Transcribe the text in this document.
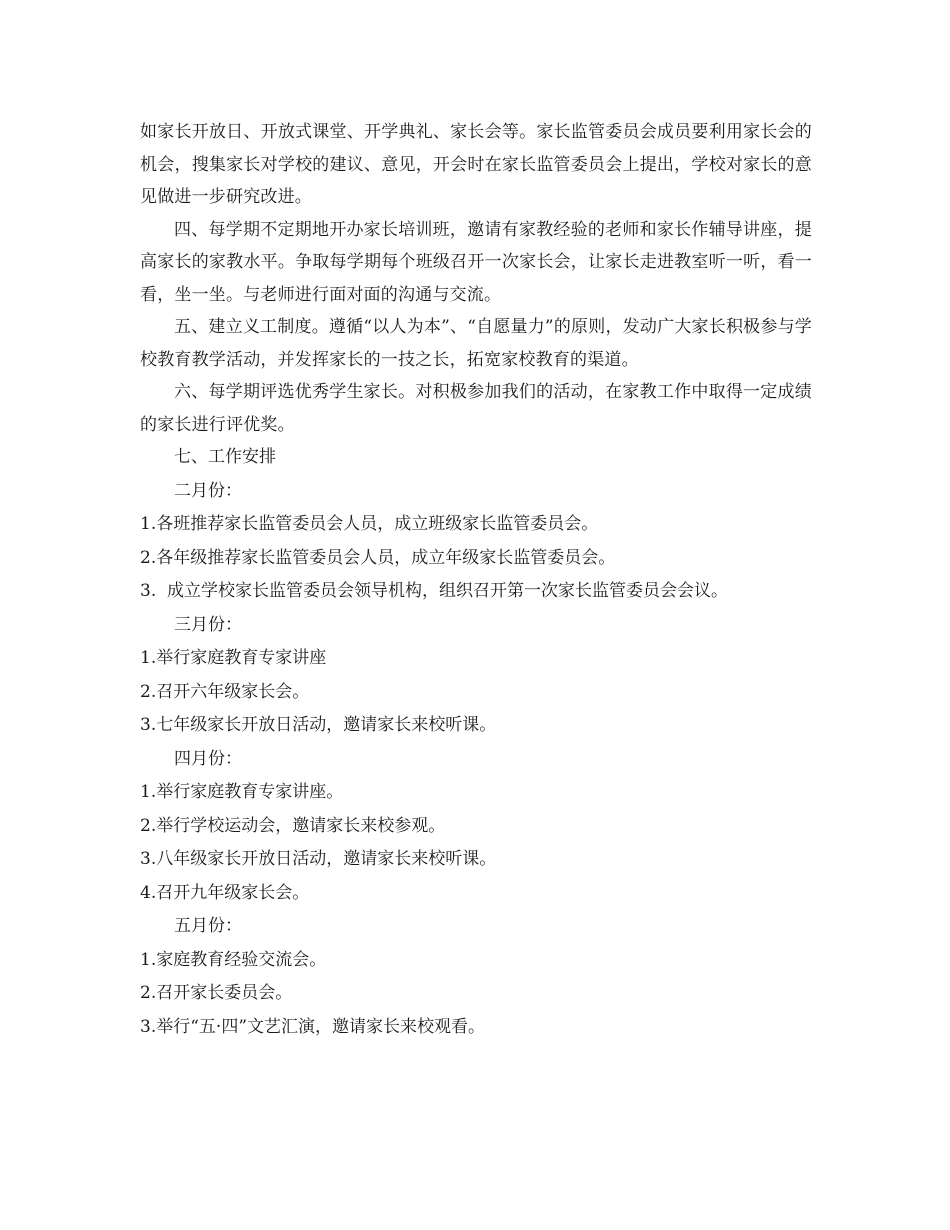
如家长开放日、开放式课堂、开学典礼、家长会等。家长监管委员会成员要利用家长会的机会，搜集家长对学校的建议、意见，开会时在家长监管委员会上提出，学校对家长的意见做进一步研究改进。

四、每学期不定期地开办家长培训班，邀请有家教经验的老师和家长作辅导讲座，提高家长的家教水平。争取每学期每个班级召开一次家长会，让家长走进教室听一听，看一看，坐一坐。与老师进行面对面的沟通与交流。

五、建立义工制度。遵循“以人为本”、“自愿量力”的原则，发动广大家长积极参与学校教育教学活动，并发挥家长的一技之长，拓宽家校教育的渠道。

六、每学期评选优秀学生家长。对积极参加我们的活动，在家教工作中取得一定成绩的家长进行评优奖。

七、工作安排

二月份：

1.各班推荐家长监管委员会人员，成立班级家长监管委员会。

2.各年级推荐家长监管委员会人员，成立年级家长监管委员会。

3.  成立学校家长监管委员会领导机构，组织召开第一次家长监管委员会会议。

三月份：

1.举行家庭教育专家讲座

2.召开六年级家长会。

3.七年级家长开放日活动，邀请家长来校听课。

四月份：

1.举行家庭教育专家讲座。

2.举行学校运动会，邀请家长来校参观。

3.八年级家长开放日活动，邀请家长来校听课。

4.召开九年级家长会。

五月份：

1.家庭教育经验交流会。

2.召开家长委员会。

3.举行“五·四”文艺汇演，邀请家长来校观看。
